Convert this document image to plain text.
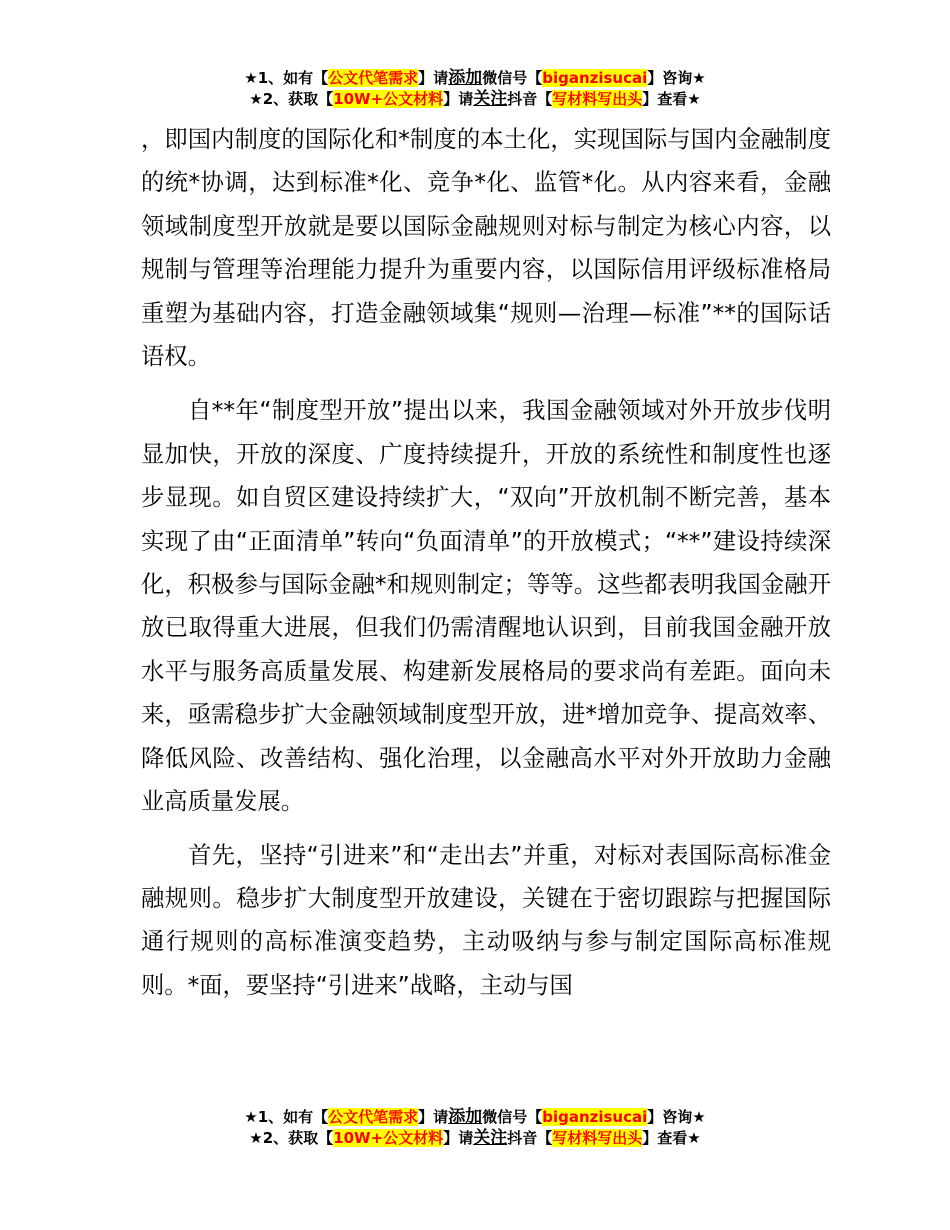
★1、如有【公文代笔需求】请添加微信号【biganzisucai】咨询★
★2、获取【10W+公文材料】请关注抖音【写材料写出头】查看★

，即国内制度的国际化和*制度的本土化，实现国际与国内金融制度的统*协调，达到标准*化、竞争*化、监管*化。从内容来看，金融领域制度型开放就是要以国际金融规则对标与制定为核心内容，以规制与管理等治理能力提升为重要内容，以国际信用评级标准格局重塑为基础内容，打造金融领域集“规则—治理—标准”**的国际话语权。

自**年“制度型开放”提出以来，我国金融领域对外开放步伐明显加快，开放的深度、广度持续提升，开放的系统性和制度性也逐步显现。如自贸区建设持续扩大，“双向”开放机制不断完善，基本实现了由“正面清单”转向“负面清单”的开放模式；“**”建设持续深化，积极参与国际金融*和规则制定；等等。这些都表明我国金融开放已取得重大进展，但我们仍需清醒地认识到，目前我国金融开放水平与服务高质量发展、构建新发展格局的要求尚有差距。面向未来，亟需稳步扩大金融领域制度型开放，进*增加竞争、提高效率、降低风险、改善结构、强化治理，以金融高水平对外开放助力金融业高质量发展。

首先，坚持“引进来”和“走出去”并重，对标对表国际高标准金融规则。稳步扩大制度型开放建设，关键在于密切跟踪与把握国际通行规则的高标准演变趋势，主动吸纳与参与制定国际高标准规则。*面，要坚持“引进来”战略，主动与国

★1、如有【公文代笔需求】请添加微信号【biganzisucai】咨询★
★2、获取【10W+公文材料】请关注抖音【写材料写出头】查看★
